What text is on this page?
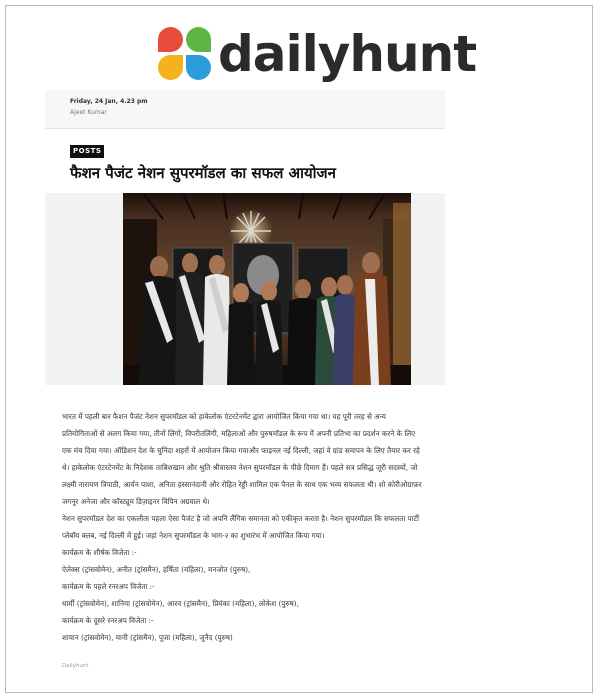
dailyhunt
Friday, 24 Jan, 4.23 pm
Ajeet Kumar
POSTS
फैशन पैजंट नेशन सुपरमॉडल का सफल आयोजन

भारत में पहली बार फैशन पैजंट नेशन सुपरमॉडल को हाकेलोक एंटरटेनमेंट द्वारा आयोजित किया गया था। यह पूरी तरह से अन्य प्रतियोगिताओं से अलग किया गया, तीनों लिंगों; विपरीतलिंगी, महिलाओं और पुरुषमॉडल के रूप में अपनी प्रतिभा का प्रदर्शन करने के लिए एक मंच दिया गया। ऑडिशन देश के चुनिंदा शहरों में आयोजन किया गयाऔर फाइनल नई दिल्ली, जहां वे ग्रांड समापन के लिए तैयार कर रहे थे। हाकेलोक एंटरटेनमेंट के निदेशक ताबिशखान और श्रुति श्रीवास्तव नेशन सुपरमॉडल के पीछे दिमाग हैं। पहले सत्र प्रसिद्ध जूरी सदस्यों, जो लक्ष्मी नारायण त्रिपाठी, आर्यन पाशा, अनिता हस्सानंदानी और रोहित रेड्डी शामिल एक पैनल के साथ एक भव्य सफलता थी। शो कोरीओग्राफ़र जगनूर अनेजा और कॉस्ट्यूम डिज़ाइनर विपिन अग्रवाल थे।

नेशन सुपरमॉडल देश का एकलौता पहला ऐसा पैजंट है जो अपनि लैंगिक समानता को एकीकृत करता है। नेशन सुपरमॉडल कि सफलता पार्टी प्लेबॉय क्लब, नई दिल्ली में हुई। जहां नेशन सुपरमॉडल के भाग-२ का शुभारंभ में आयोजित किया गया।

कार्यक्रम के शीर्षक विजेता :-

ऐलेक्स (ट्रांसवोमेन), अनीत (ट्रांसमैन), हर्षिता (महिला), मनजोत (पुरुष),

कार्यक्रम के पहले रनरअप विजेता :-

धार्मी (ट्रांसवोमेन), शानिया (ट्रांसवोमेन), आरव (ट्रांसमैन), प्रियंका (महिला), लोकेश (पुरुष),

कार्यक्रम के दूसरे रनरअप विजेता :-

शायान (ट्रांसवोमेन), मानी (ट्रांसमैन), पूजा (महिला), जुनैद (पुरुष)

Dailyhunt
